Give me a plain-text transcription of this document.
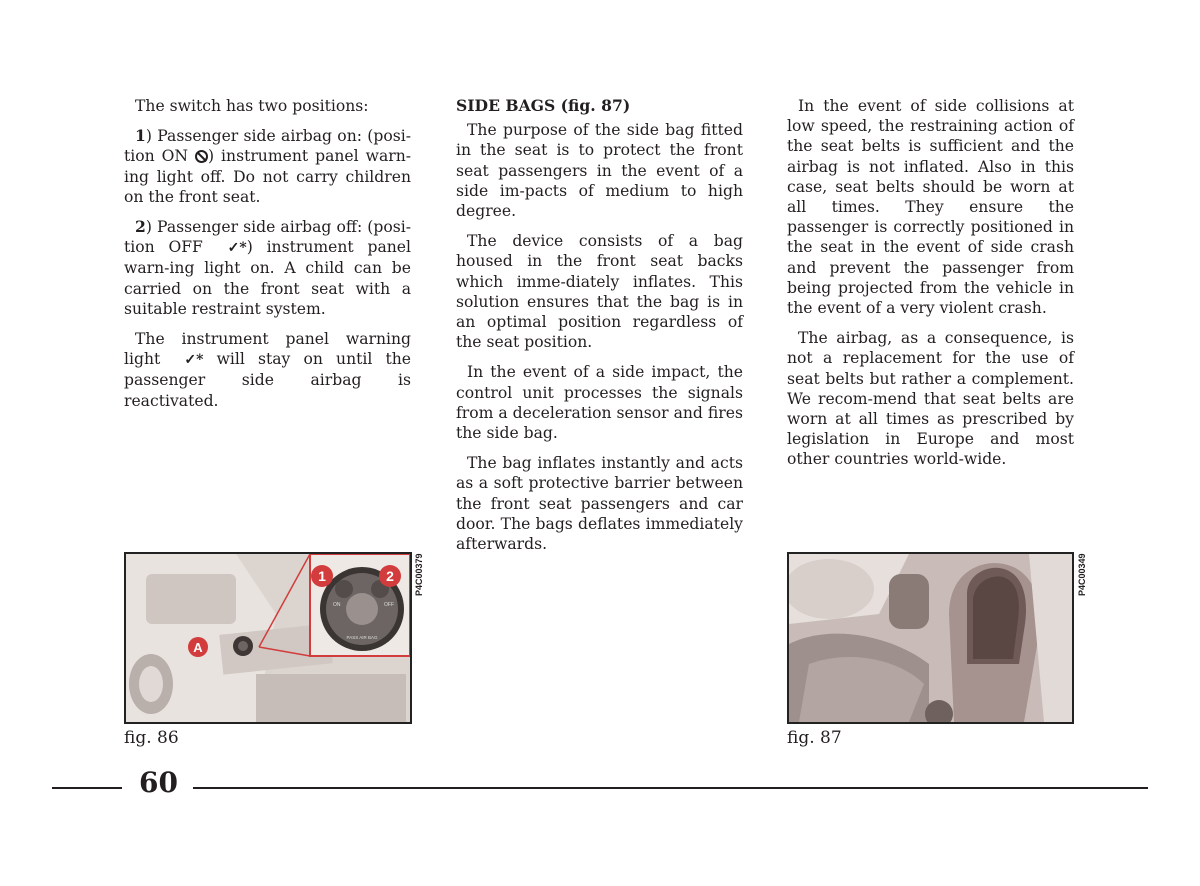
The switch has two positions:

1) Passenger side airbag on: (posi-tion ON ) instrument panel warn-ing light off. Do not carry children on the front seat.

2) Passenger side airbag off: (posi-tion OFF ✓*) instrument panel warn-ing light on. A child can be carried on the front seat with a suitable restraint system.

The instrument panel warning light ✓* will stay on until the passenger side airbag is reactivated.

SIDE BAGS (fig. 87)

The purpose of the side bag fitted in the seat is to protect the front seat passengers in the event of a side im-pacts of medium to high degree.

The device consists of a bag housed in the front seat backs which imme-diately inflates. This solution ensures that the bag is in an optimal position regardless of the seat position.

In the event of a side impact, the control unit processes the signals from a deceleration sensor and fires the side bag.

The bag inflates instantly and acts as a soft protective barrier between the front seat passengers and car door. The bags deflates immediately afterwards.

In the event of side collisions at low speed, the restraining action of the seat belts is sufficient and the airbag is not inflated. Also in this case, seat belts should be worn at all times. They ensure the passenger is correctly positioned in the seat in the event of side crash and prevent the passenger from being projected from the vehicle in the event of a very violent crash.

The airbag, as a consequence, is not a replacement for the use of seat belts but rather a complement. We recom-mend that seat belts are worn at all times as prescribed by legislation in Europe and most other countries world-wide.

1	2
A
ON	OFF
PASS AIR BAG
P4C00379
fig. 86
P4C00349
fig. 87
60
